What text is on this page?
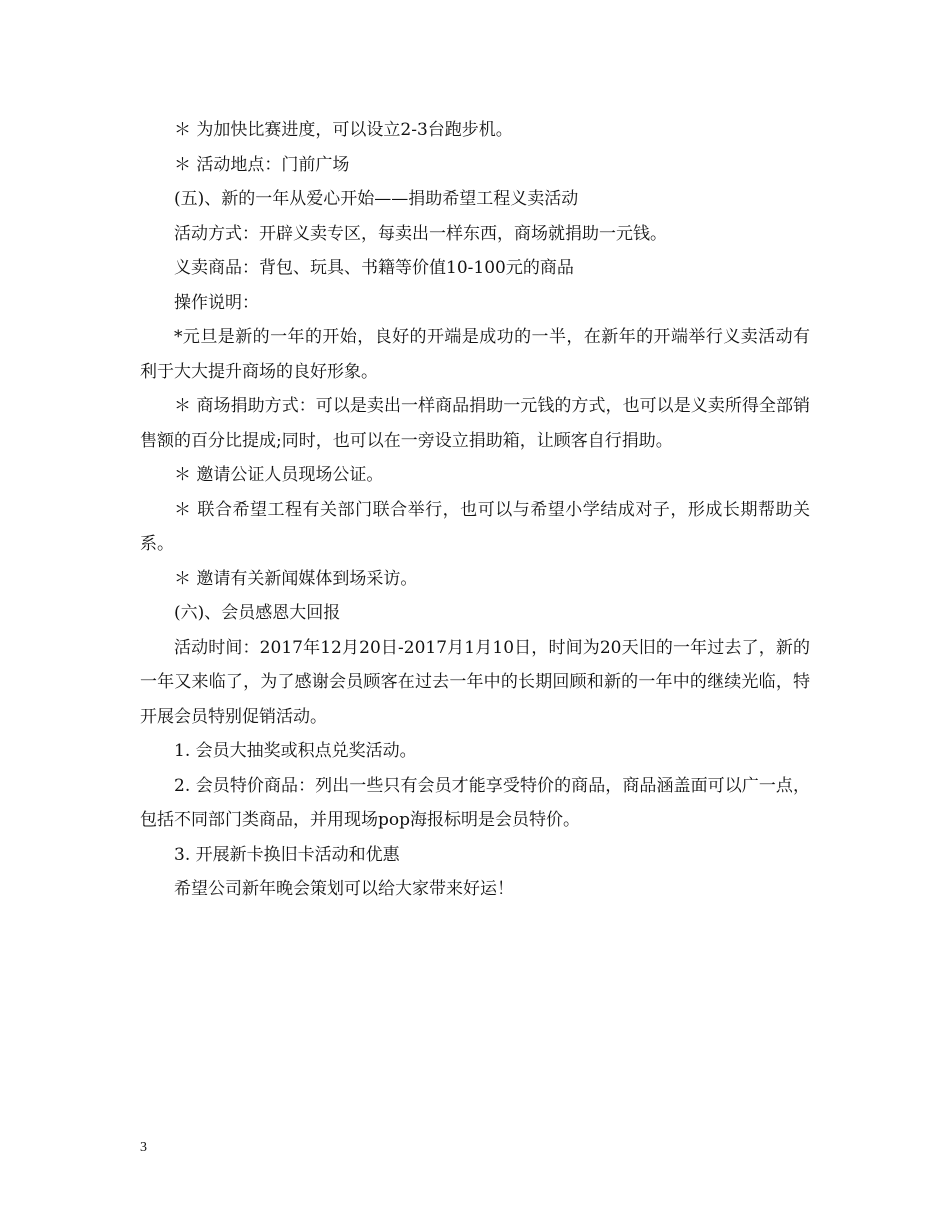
＊ 为加快比赛进度，可以设立2-3台跑步机。

＊ 活动地点：门前广场

(五)、新的一年从爱心开始——捐助希望工程义卖活动

活动方式：开辟义卖专区，每卖出一样东西，商场就捐助一元钱。

义卖商品：背包、玩具、书籍等价值10-100元的商品

操作说明：

*元旦是新的一年的开始，良好的开端是成功的一半，在新年的开端举行义卖活动有利于大大提升商场的良好形象。

＊ 商场捐助方式：可以是卖出一样商品捐助一元钱的方式，也可以是义卖所得全部销售额的百分比提成;同时，也可以在一旁设立捐助箱，让顾客自行捐助。

＊ 邀请公证人员现场公证。

＊ 联合希望工程有关部门联合举行，也可以与希望小学结成对子，形成长期帮助关系。

＊ 邀请有关新闻媒体到场采访。

(六)、会员感恩大回报

活动时间：2017年12月20日-2017月1月10日，时间为20天旧的一年过去了，新的一年又来临了，为了感谢会员顾客在过去一年中的长期回顾和新的一年中的继续光临，特开展会员特别促销活动。

1. 会员大抽奖或积点兑奖活动。

2. 会员特价商品：列出一些只有会员才能享受特价的商品，商品涵盖面可以广一点，包括不同部门类商品，并用现场pop海报标明是会员特价。

3. 开展新卡换旧卡活动和优惠

希望公司新年晚会策划可以给大家带来好运！

3
